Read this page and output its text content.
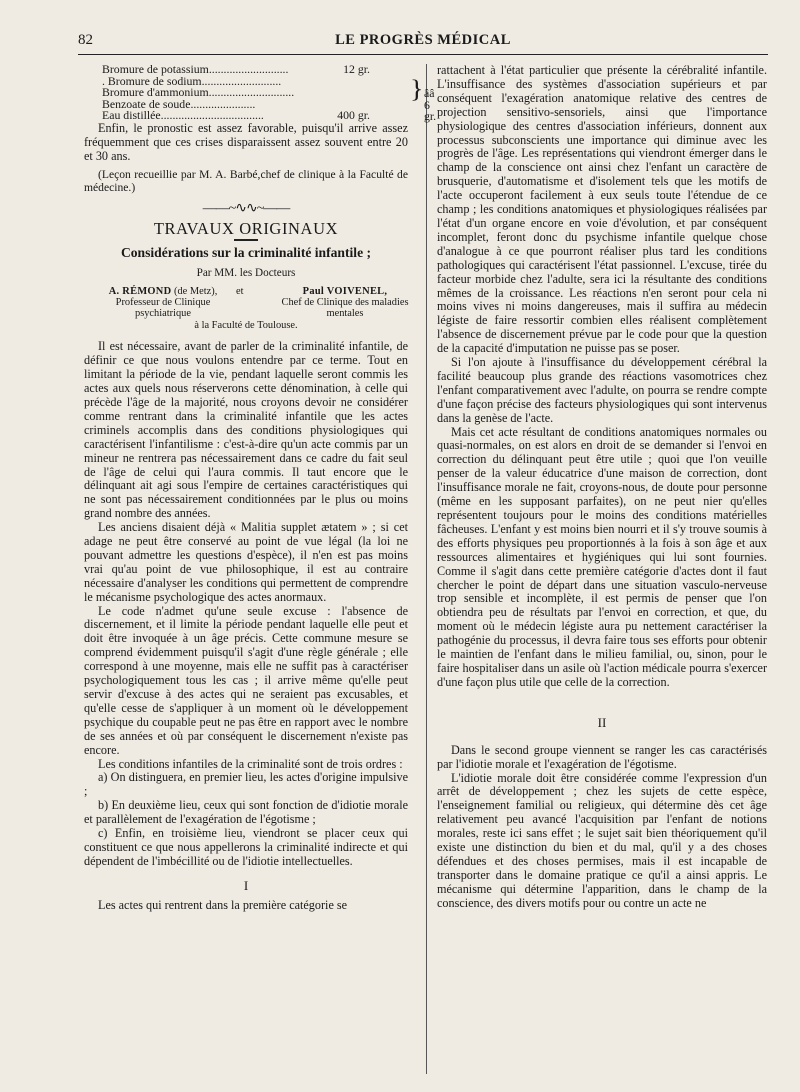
82	LE PROGRÈS MÉDICAL
Bromure de potassium...........................	12 gr.
. Bromure de sodium...........................
Bromure d'ammonium.............................
Benzoate de soude......................
Eau distillée...................................	400 gr.
} ââ 6 gr.

Enfin, le pronostic est assez favorable, puisqu'il arrive assez fréquemment que ces crises disparaissent assez souvent entre 20 et 30 ans.

(Leçon recueillie par M. A. Barbé,chef de clinique à la Faculté de médecine.)

——~∿∿~——
TRAVAUX ORIGINAUX
Considérations sur la criminalité infantile ;
Par MM. les Docteurs
A. RÉMOND (de Metz),
Professeur de Clinique psychiatrique
et	Paul VOIVENEL,
Chef de Clinique des maladies mentales
à la Faculté de Toulouse.

Il est nécessaire, avant de parler de la criminalité infantile, de définir ce que nous voulons entendre par ce terme. Tout en limitant la période de la vie, pendant laquelle seront commis les actes aux quels nous réserverons cette dénomination, à celle qui précède l'âge de la majorité, nous croyons devoir ne considérer comme rentrant dans la criminalité infantile que les actes criminels accomplis dans des conditions physiologiques qui caractérisent l'infantilisme : c'est-à-dire qu'un acte commis par un mineur ne rentrera pas nécessairement dans ce cadre du fait seul de l'âge de celui qui l'aura commis. Il taut encore que le délinquant ait agi sous l'empire de certaines caractéristiques qui ne sont pas nécessairement conditionnées par le plus ou moins grand nombre des années.

Les anciens disaient déjà « Malitia supplet ætatem » ; si cet adage ne peut être conservé au point de vue légal (la loi ne pouvant admettre les questions d'espèce), il n'en est pas moins vrai qu'au point de vue philosophique, il est au contraire nécessaire d'analyser les conditions qui permettent de comprendre le mécanisme psychologique des actes anormaux.

Le code n'admet qu'une seule excuse : l'absence de discernement, et il limite la période pendant laquelle elle peut et doit être invoquée à un âge précis. Cette commune mesure se comprend évidemment puisqu'il s'agit d'une règle générale ; elle correspond à une moyenne, mais elle ne suffit pas à caractériser psychologiquement tous les cas ; il arrive même qu'elle peut servir d'excuse à des actes qui ne seraient pas excusables, et qu'elle cesse de s'appliquer à un moment où le développement psychique du coupable peut ne pas être en rapport avec le nombre de ses années et où par conséquent le discernement n'existe pas encore.

Les conditions infantiles de la criminalité sont de trois ordres :

a) On distinguera, en premier lieu, les actes d'origine impulsive ;

b) En deuxième lieu, ceux qui sont fonction de d'idiotie morale et parallèlement de l'exagération de l'égotisme ;

c) Enfin, en troisième lieu, viendront se placer ceux qui constituent ce que nous appellerons la criminalité indirecte et qui dépendent de l'imbécillité ou de l'idiotie intellectuelles.

I

Les actes qui rentrent dans la première catégorie se

rattachent à l'état particulier que présente la cérébralité infantile. L'insuffisance des systèmes d'association supérieurs et par conséquent l'exagération anatomique relative des centres de projection sensitivo-sensoriels, ainsi que l'importance physiologique des centres d'association inférieurs, donnent aux processus subconscients une importance qui diminue avec les progrès de l'âge. Les représentations qui viendront émerger dans le champ de la conscience ont ainsi chez l'enfant un caractère de brusquerie, d'automatisme et d'isolement tels que les motifs de l'acte occuperont facilement à eux seuls toute l'étendue de ce champ ; les conditions anatomiques et physiologiques réalisées par l'état d'un organe encore en voie d'évolution, et par conséquent incomplet, feront donc du psychisme infantile quelque chose d'analogue à ce que pourront réaliser plus tard les conditions pathologiques qui caractérisent l'état passionnel. L'excuse, tirée du facteur morbide chez l'adulte, sera ici la résultante des conditions mêmes de la croissance. Les réactions n'en seront pour cela ni moins vives ni moins dangereuses, mais il suffira au médecin légiste de faire ressortir combien elles réalisent complètement l'absence de discernement prévue par le code pour que la question de la capacité d'imputation ne puisse pas se poser.

Si l'on ajoute à l'insuffisance du développement cérébral la facilité beaucoup plus grande des réactions vasomotrices chez l'enfant comparativement avec l'adulte, on pourra se rendre compte d'une façon précise des facteurs physiologiques qui sont intervenus dans la genèse de l'acte.

Mais cet acte résultant de conditions anatomiques normales ou quasi-normales, on est alors en droit de se demander si l'envoi en correction du délinquant peut être utile ; quoi que l'on veuille penser de la valeur éducatrice d'une maison de correction, dont l'insuffisance morale ne fait, croyons-nous, de doute pour personne (même en les supposant parfaites), on ne peut nier qu'elles représentent toujours pour le moins des conditions matérielles fâcheuses. L'enfant y est moins bien nourri et il s'y trouve soumis à des efforts physiques peu proportionnés à la fois à son âge et aux ressources alimentaires et hygiéniques qui lui sont fournies. Comme il s'agit dans cette première catégorie d'actes dont il faut chercher le point de départ dans une situation vasculo-nerveuse trop sensible et incomplète, il est permis de penser que l'on obtiendra peu de résultats par l'envoi en correction, et que, du moment où le médecin légiste aura pu nettement caractériser la pathogénie du processus, il devra faire tous ses efforts pour obtenir le maintien de l'enfant dans le milieu familial, ou, sinon, pour le faire hospitaliser dans un asile où l'action médicale pourra s'exercer d'une façon plus utile que celle de la correction.

II

Dans le second groupe viennent se ranger les cas caractérisés par l'idiotie morale et l'exagération de l'égotisme.

L'idiotie morale doit être considérée comme l'expression d'un arrêt de développement ; chez les sujets de cette espèce, l'enseignement familial ou religieux, qui détermine dès cet âge relativement peu avancé l'acquisition par l'enfant de notions morales, reste ici sans effet ; le sujet sait bien théoriquement qu'il existe une distinction du bien et du mal, qu'il y a des choses défendues et des choses permises, mais il est incapable de transporter dans le domaine pratique ce qu'il a ainsi appris. Le mécanisme qui détermine l'apparition, dans le champ de la conscience, des divers motifs pour ou contre un acte ne
